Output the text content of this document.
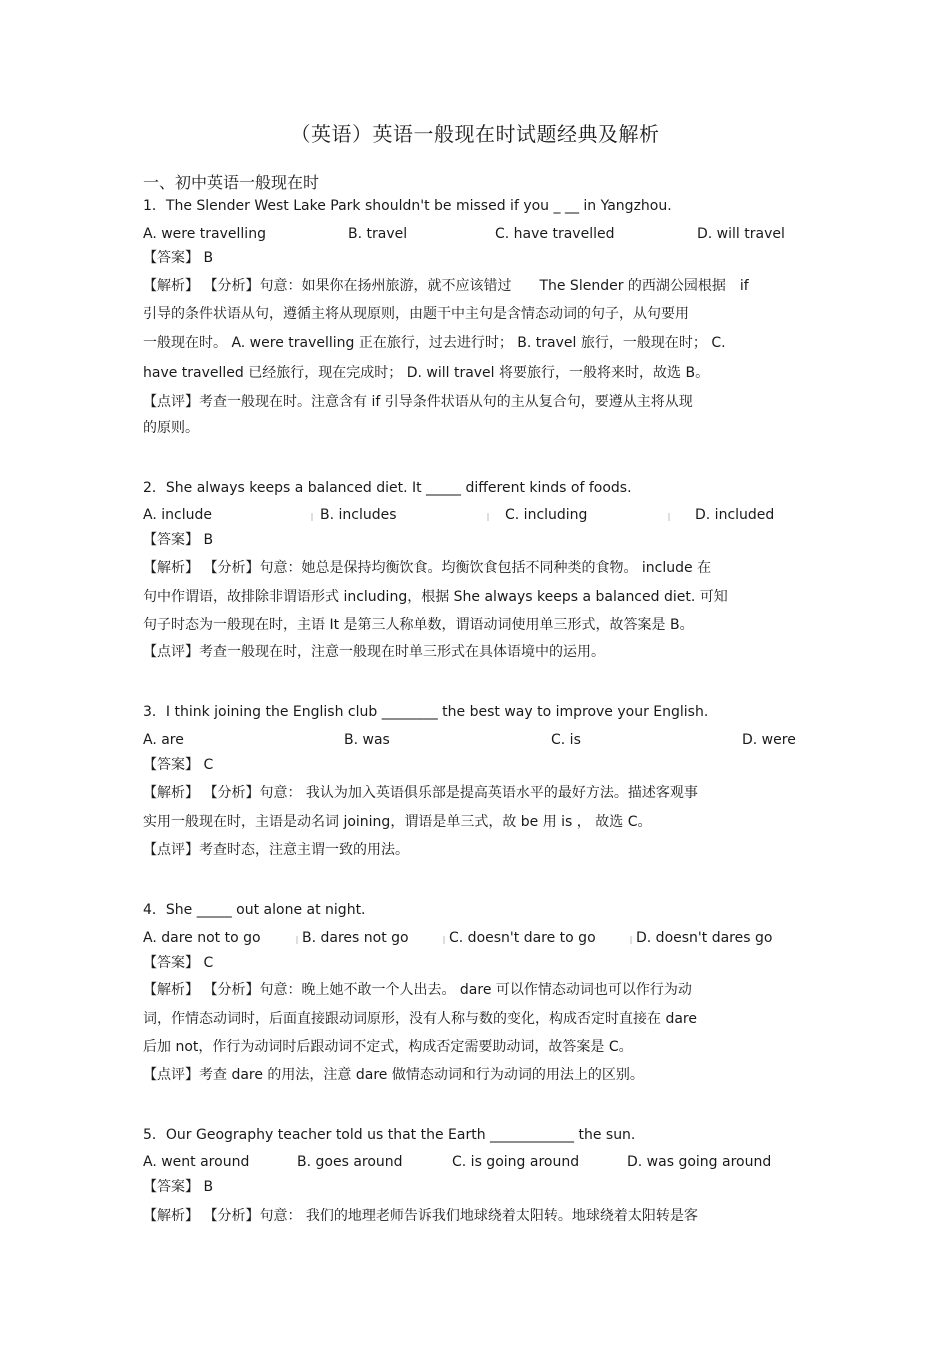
（英语）英语一般现在时试题经典及解析
一、初中英语一般现在时
1．The Slender West Lake Park shouldn't be missed if you _ __ in Yangzhou.
A. were travelling	B. travel	C. have travelled	D. will travel
【答案】 B
【解析】 【分析】句意：如果你在扬州旅游，就不应该错过　　The Slender 的西湖公园根据　if
引导的条件状语从句，遵循主将从现原则，由题干中主句是含情态动词的句子，从句要用
一般现在时。 A. were travelling 正在旅行，过去进行时； B. travel 旅行，一般现在时； C.
have travelled 已经旅行，现在完成时； D. will travel 将要旅行，一般将来时，故选 B。
【点评】考查一般现在时。注意含有 if 引导条件状语从句的主从复合句，要遵从主将从现
的原则。
2．She always keeps a balanced diet. It _____ different kinds of foods.
A. include	‖ B. includes	‖ C. including	‖ D. included
【答案】 B
【解析】 【分析】句意：她总是保持均衡饮食。均衡饮食包括不同种类的食物。 include 在
句中作谓语，故排除非谓语形式 including，根据 She always keeps a balanced diet. 可知
句子时态为一般现在时，主语 It 是第三人称单数，谓语动词使用单三形式，故答案是 B。
【点评】考查一般现在时，注意一般现在时单三形式在具体语境中的运用。
3．I think joining the English club ________ the best way to improve your English.
A. are	B. was	C. is	D. were
【答案】 C
【解析】 【分析】句意： 我认为加入英语俱乐部是提高英语水平的最好方法。描述客观事
实用一般现在时，主语是动名词 joining，谓语是单三式，故 be 用 is ， 故选 C。
【点评】考查时态，注意主谓一致的用法。
4．She _____ out alone at night.
A. dare not to go	‖ B. dares not go	‖ C. doesn't dare to go	‖ D. doesn't dares go
【答案】 C
【解析】 【分析】句意：晚上她不敢一个人出去。 dare 可以作情态动词也可以作行为动
词，作情态动词时，后面直接跟动词原形，没有人称与数的变化，构成否定时直接在 dare
后加 not，作行为动词时后跟动词不定式，构成否定需要助动词，故答案是 C。
【点评】考查 dare 的用法，注意 dare 做情态动词和行为动词的用法上的区别。
5．Our Geography teacher told us that the Earth ____________ the sun.
A. went around	B. goes around	C. is going around	D. was going around
【答案】 B
【解析】 【分析】句意： 我们的地理老师告诉我们地球绕着太阳转。地球绕着太阳转是客
